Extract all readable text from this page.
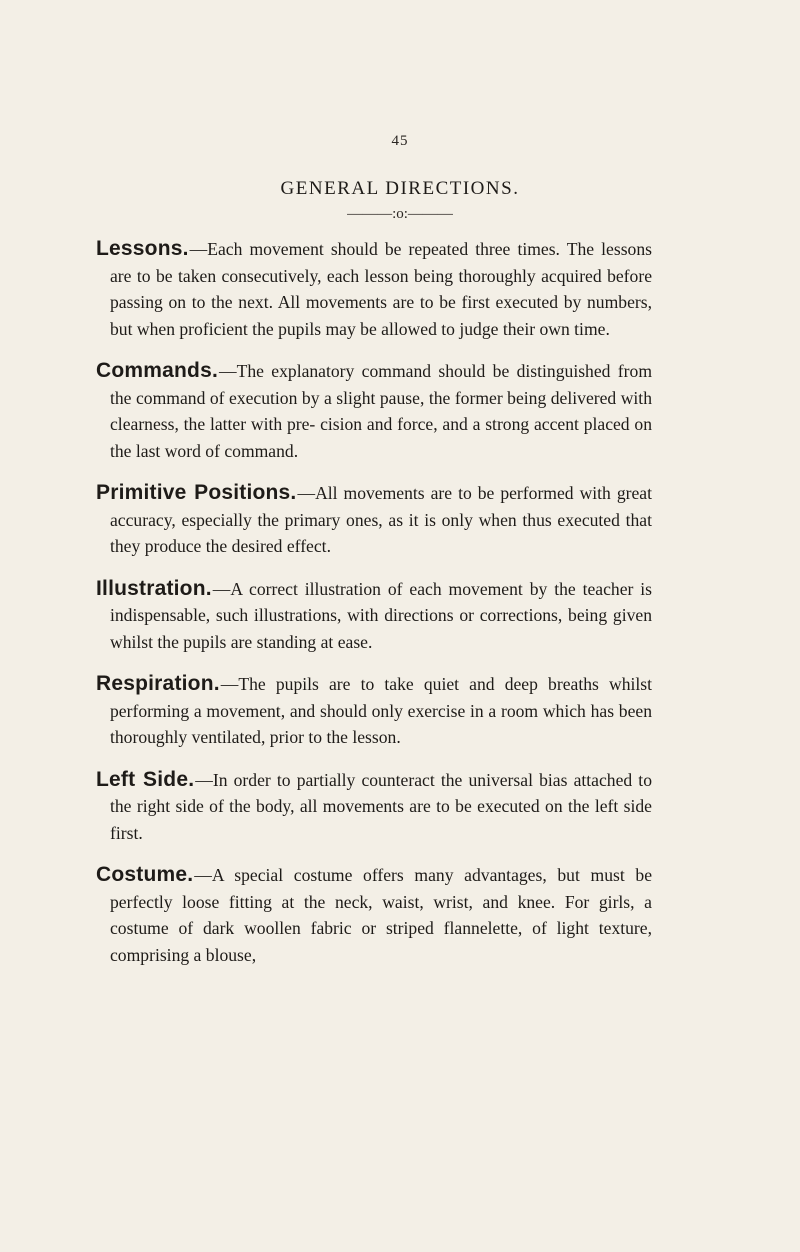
45
GENERAL DIRECTIONS.
———:o:———

Lessons.—Each movement should be repeated three times. The lessons are to be taken consecutively, each lesson being thoroughly acquired before passing on to the next. All movements are to be first executed by numbers, but when proficient the pupils may be allowed to judge their own time.

Commands.—The explanatory command should be distinguished from the command of execution by a slight pause, the former being delivered with clearness, the latter with pre- cision and force, and a strong accent placed on the last word of command.

Primitive Positions.—All movements are to be performed with great accuracy, especially the primary ones, as it is only when thus executed that they produce the desired effect.

Illustration.—A correct illustration of each movement by the teacher is indispensable, such illustrations, with directions or corrections, being given whilst the pupils are standing at ease.

Respiration.—The pupils are to take quiet and deep breaths whilst performing a movement, and should only exercise in a room which has been thoroughly ventilated, prior to the lesson.

Left Side.—In order to partially counteract the universal bias attached to the right side of the body, all movements are to be executed on the left side first.

Costume.—A special costume offers many advantages, but must be perfectly loose fitting at the neck, waist, wrist, and knee. For girls, a costume of dark woollen fabric or striped flannelette, of light texture, comprising a blouse,
